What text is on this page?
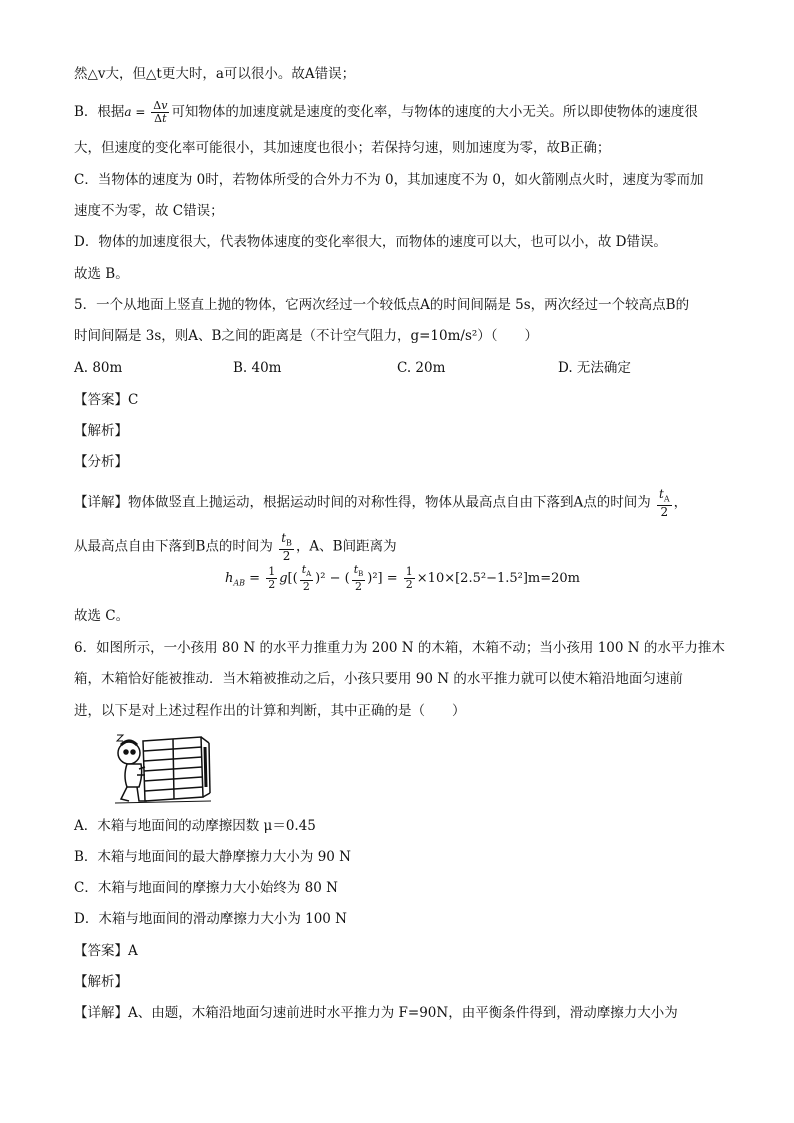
然△v大，但△t更大时，a可以很小。故A错误；
B．根据$a = \frac{\Delta v}{\Delta t}$ 可知物体的加速度就是速度的变化率，与物体的速度的大小无关。所以即使物体的速度很
大，但速度的变化率可能很小，其加速度也很小；若保持匀速，则加速度为零，故B正确；
C．当物体的速度为 0时，若物体所受的合外力不为 0，其加速度不为 0，如火箭刚点火时，速度为零而加
速度不为零，故 C错误；
D．物体的加速度很大，代表物体速度的变化率很大，而物体的速度可以大，也可以小，故 D错误。
故选 B。
5．一个从地面上竖直上抛的物体，它两次经过一个较低点A的时间间隔是 5s，两次经过一个较高点B的
时间间隔是 3s，则A、B之间的距离是（不计空气阻力，g=10m/s²）（　　）
A. 80m	B. 40m	C. 20m	D. 无法确定
【答案】C
【解析】
【分析】
【详解】物体做竖直上抛运动，根据运动时间的对称性得，物体从最高点自由下落到A点的时间为 $\frac{t_A}{2}$ ，
从最高点自由下落到B点的时间为 $\frac{t_B}{2}$ ，A、B间距离为
$h_{AB} = \frac{1}{2} g[( \frac{t_A}{2} )^2$ − ( $\frac{t_B}{2} )^2] = \frac{1}{2} \times 10\times[2.5^2-1.5^2]m=20m$
故选 C。
6．如图所示，一小孩用 80 N 的水平力推重力为 200 N 的木箱，木箱不动；当小孩用 100 N 的水平力推木
箱，木箱恰好能被推动．当木箱被推动之后，小孩只要用 90 N 的水平推力就可以使木箱沿地面匀速前
进，以下是对上述过程作出的计算和判断，其中正确的是（　　）
A．木箱与地面间的动摩擦因数 μ＝0.45
B．木箱与地面间的最大静摩擦力大小为 90 N
C．木箱与地面间的摩擦力大小始终为 80 N
D．木箱与地面间的滑动摩擦力大小为 100 N
【答案】A
【解析】
【详解】A、由题，木箱沿地面匀速前进时水平推力为 F=90N，由平衡条件得到，滑动摩擦力大小为
